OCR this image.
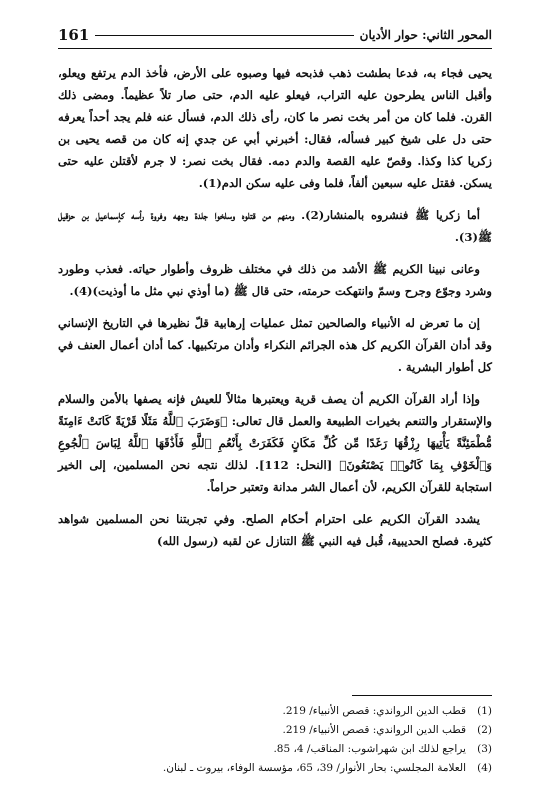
المحور الثاني: حوار الأديان
161

يحيى فجاء به، فدعا بطشت ذهب فذبحه فيها وصبوه على الأرض، فأخذ الدم يرتفع ويعلو، وأقبل الناس يطرحون عليه التراب، فيعلو عليه الدم، حتى صار تلاً عظيماً. ومضى ذلك القرن. فلما كان من أمر بخت نصر ما كان، رأى ذلك الدم، فسأل عنه فلم يجد أحداً يعرفه حتى دل على شيخ كبير فسأله، فقال: أخبرني أبي عن جدي إنه كان من قصه يحيى بن زكريا كذا وكذا. وقصّ عليه القصة والدم دمه. فقال بخت نصر: لا جرم لأقتلن عليه حتى يسكن. فقتل عليه سبعين ألفاً، فلما وفى عليه سكن الدم(1).

أما زكريا ﷺ فنشروه بالمنشار(2). ومنهم من قتلوه وسلخوا جلدة وجهه وفروة رأسه كإسماعيل بن حزقيل ﷺ(3).

وعانى نبينا الكريم ﷺ الأشد من ذلك في مختلف ظروف وأطوار حياته. فعذب وطورد وشرد وجوّع وجرح وسمّ وانتهكت حرمته، حتى قال ﷺ (ما أوذي نبي مثل ما أوذيت)(4).

إن ما تعرض له الأنبياء والصالحين تمثل عمليات إرهابية قلّ نظيرها في التاريخ الإنساني وقد أدان القرآن الكريم كل هذه الجرائم النكراء وأدان مرتكبيها. كما أدان أعمال العنف في كل أطوار البشرية .

وإذا أراد القرآن الكريم أن يصف قرية ويعتبرها مثالاً للعيش فإنه يصفها بالأمن والسلام والإستقرار والتنعم بخيرات الطبيعة والعمل قال تعالى: ﴿وَضَرَبَ ٱللَّهُ مَثَلًا قَرْيَةً كَانَتْ ءَامِنَةً مُّطْمَئِنَّةً يَأْتِيهَا رِزْقُهَا رَغَدًا مِّن كُلِّ مَكَانٍ فَكَفَرَتْ بِأَنْعُمِ ٱللَّهِ فَأَذَٰقَهَا ٱللَّهُ لِبَاسَ ٱلْجُوعِ وَٱلْخَوْفِ بِمَا كَانُوا۟ يَصْنَعُونَ﴾ [النحل: 112]. لذلك نتجه نحن المسلمين، إلى الخير استجابة للقرآن الكريم، لأن أعمال الشر مدانة وتعتبر حراماً.

يشدد القرآن الكريم على احترام أحكام الصلح. وفي تجربتنا نحن المسلمين شواهد كثيرة. فصلح الحديبية، قُبل فيه النبي ﷺ التنازل عن لقبه (رسول الله)

(1)
قطب الدين الرواندي: قصص الأنبياء/ 219.
(2)
قطب الدين الرواندي: قصص الأنبياء/ 219.
(3)
يراجع لذلك ابن شهراشوب: المناقب/ 4، 85.
(4)
العلامة المجلسي: بحار الأنوار/ 39، 65، مؤسسة الوفاء، بيروت ـ لبنان.
